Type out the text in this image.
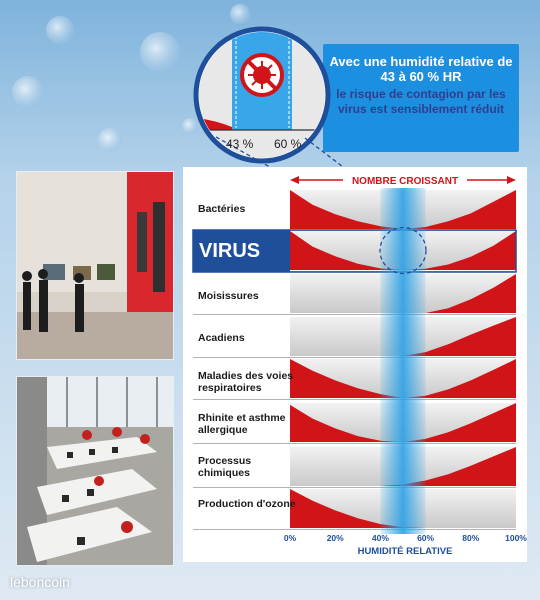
43 % 60 %
Avec une humidité relative de 43 à 60 % HR
le risque de contagion par les virus est sensiblement réduit
NOMBRE CROISSANT
0%	20%	40%	60%	80%	100%
HUMIDITÉ RELATIVE
Bactéries
VIRUS
Moisissures
Acadiens
Maladies des voies respiratoires
Rhinite et asthme allergique
Processus chimiques
Production d'ozone
leboncoin
